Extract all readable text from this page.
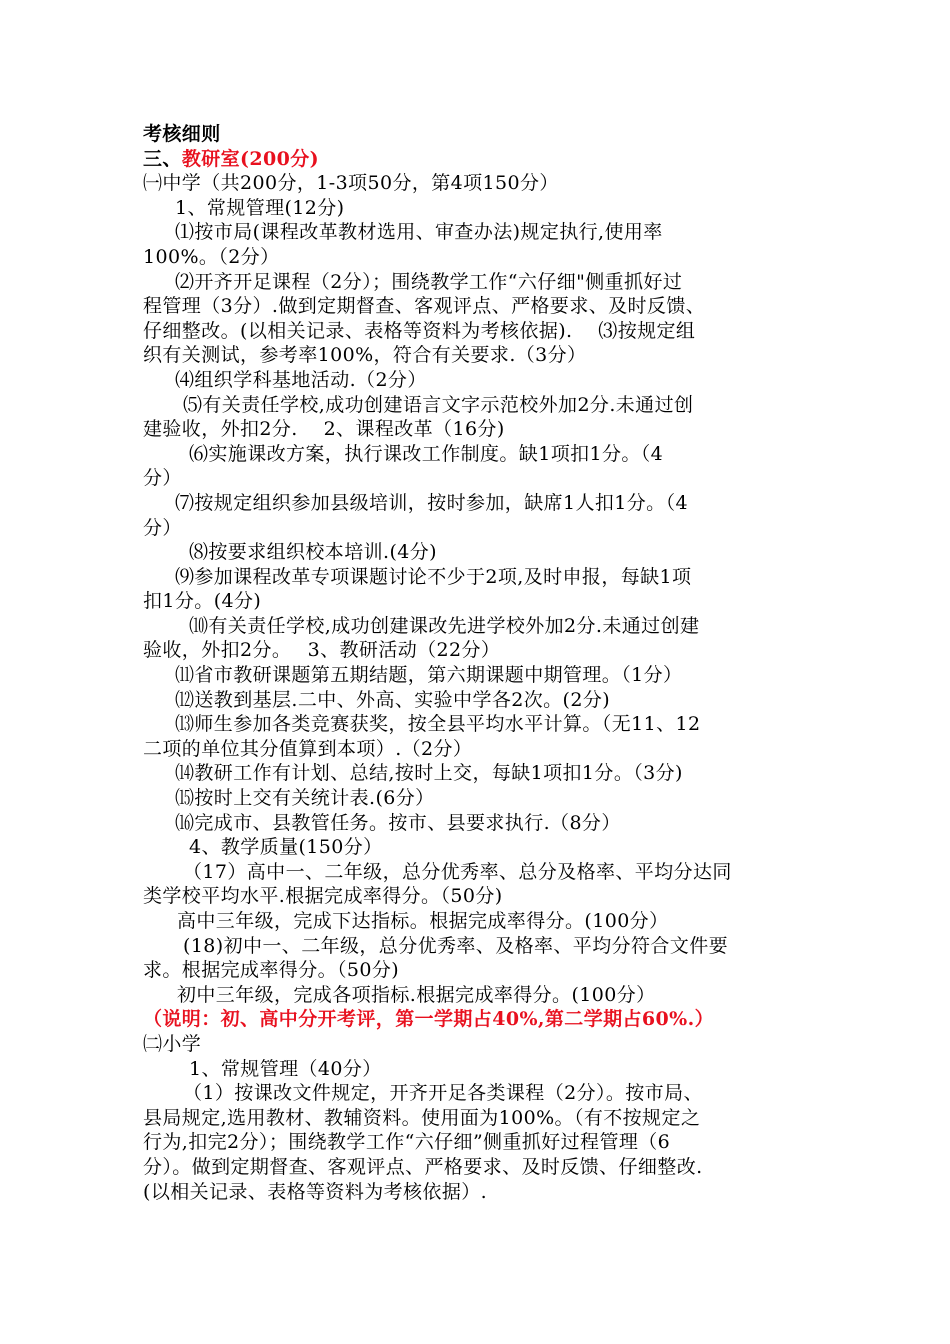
考核细则
三、教研室(200分)
㈠中学（共200分，1-3项50分，第4项150分）
1、常规管理(12分)
⑴按市局(课程改革教材选用、审查办法)规定执行,使用率
100%。（2分）
⑵开齐开足课程（2分）；围绕教学工作“六仔细"侧重抓好过
程管理（3分）.做到定期督查、客观评点、严格要求、及时反馈、
仔细整改。(以相关记录、表格等资料为考核依据).　 ⑶按规定组
织有关测试，参考率100%，符合有关要求.（3分）
⑷组织学科基地活动.（2分）
⑸有关责任学校,成功创建语言文字示范校外加2分.未通过创
建验收，外扣2分.　 2、课程改革（16分)
⑹实施课改方案，执行课改工作制度。缺1项扣1分。（4
分）
⑺按规定组织参加县级培训，按时参加，缺席1人扣1分。（4
分）
⑻按要求组织校本培训.(4分)
⑼参加课程改革专项课题讨论不少于2项,及时申报，每缺1项
扣1分。(4分)
⑽有关责任学校,成功创建课改先进学校外加2分.未通过创建
验收，外扣2分。　 3、教研活动（22分）
⑾省市教研课题第五期结题，第六期课题中期管理。（1分）
⑿送教到基层.二中、外高、实验中学各2次。(2分)
⒀师生参加各类竞赛获奖，按全县平均水平计算。（无11、12
二项的单位其分值算到本项）.（2分）
⒁教研工作有计划、总结,按时上交，每缺1项扣1分。（3分)
⒂按时上交有关统计表.(6分）
⒃完成市、县教管任务。按市、县要求执行.（8分）
4、教学质量(150分）
（17）高中一、二年级，总分优秀率、总分及格率、平均分达同
类学校平均水平.根据完成率得分。（50分)
高中三年级，完成下达指标。根据完成率得分。(100分）
(18)初中一、二年级，总分优秀率、及格率、平均分符合文件要
求。根据完成率得分。（50分)
初中三年级，完成各项指标.根据完成率得分。(100分）
（说明：初、高中分开考评，第一学期占40%,第二学期占60%.）
㈡小学
1、常规管理（40分）
（1）按课改文件规定，开齐开足各类课程（2分）。按市局、
县局规定,选用教材、教辅资料。使用面为100%。（有不按规定之
行为,扣完2分）；围绕教学工作“六仔细”侧重抓好过程管理（6
分）。做到定期督查、客观评点、严格要求、及时反馈、仔细整改.
(以相关记录、表格等资料为考核依据）.
